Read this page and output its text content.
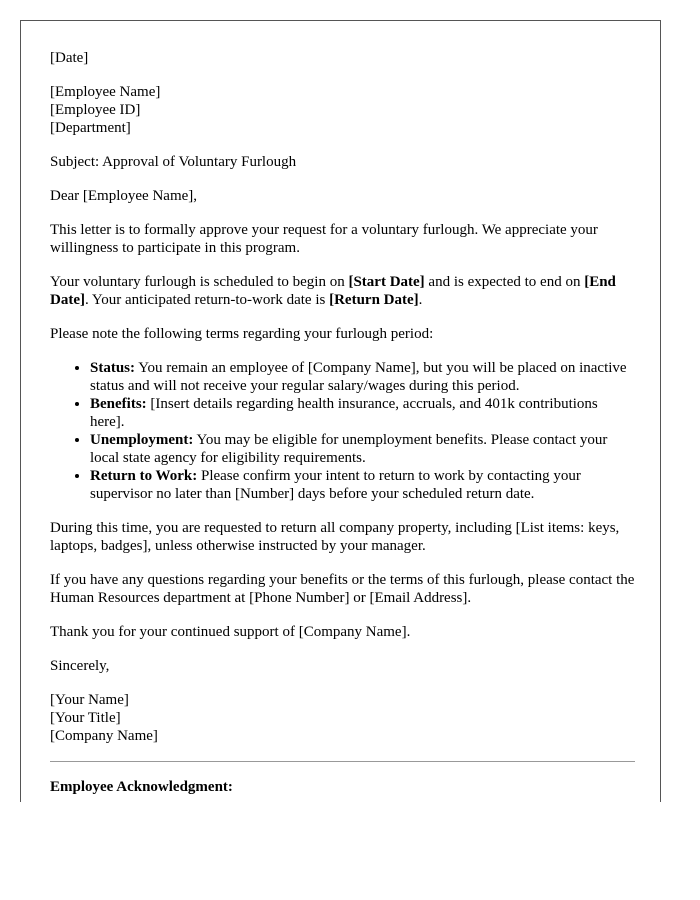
[Date]

[Employee Name]

[Employee ID]

[Department]

Subject: Approval of Voluntary Furlough

Dear [Employee Name],

This letter is to formally approve your request for a voluntary furlough. We appreciate your willingness to participate in this program.

Your voluntary furlough is scheduled to begin on [Start Date] and is expected to end on [End Date]. Your anticipated return-to-work date is [Return Date].

Please note the following terms regarding your furlough period:

• Status: You remain an employee of [Company Name], but you will be placed on inactive status and will not receive your regular salary/wages during this period.
• Benefits: [Insert details regarding health insurance, accruals, and 401k contributions here].
• Unemployment: You may be eligible for unemployment benefits. Please contact your local state agency for eligibility requirements.
• Return to Work: Please confirm your intent to return to work by contacting your supervisor no later than [Number] days before your scheduled return date.

During this time, you are requested to return all company property, including [List items: keys, laptops, badges], unless otherwise instructed by your manager.

If you have any questions regarding your benefits or the terms of this furlough, please contact the Human Resources department at [Phone Number] or [Email Address].

Thank you for your continued support of [Company Name].

Sincerely,

[Your Name]

[Your Title]

[Company Name]

Employee Acknowledgment:
